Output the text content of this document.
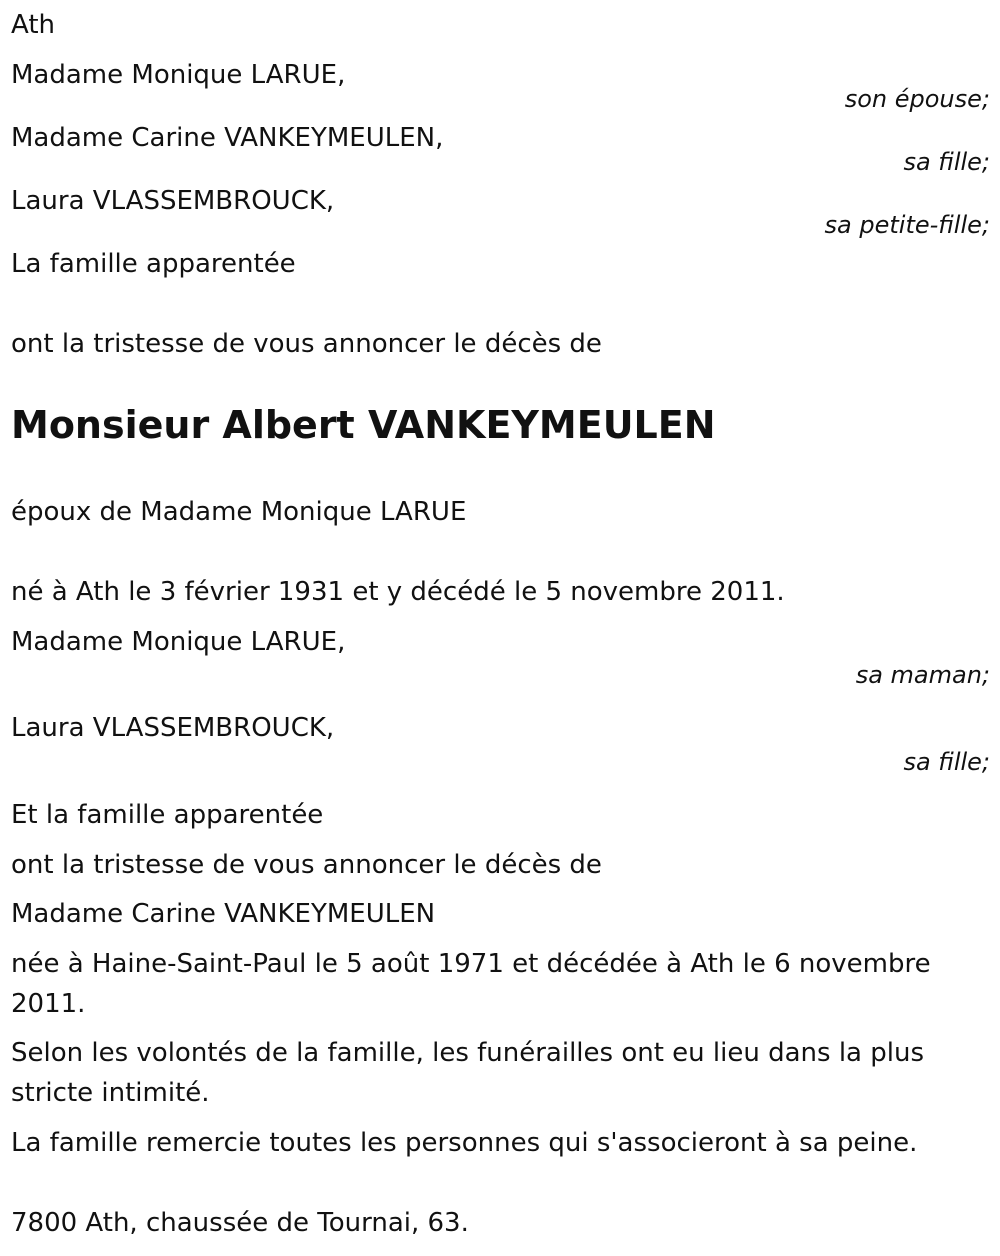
Ath
Madame Monique LARUE,
son épouse;
Madame Carine VANKEYMEULEN,
sa fille;
Laura VLASSEMBROUCK,
sa petite-fille;
La famille apparentée
ont la tristesse de vous annoncer le décès de
Monsieur Albert VANKEYMEULEN
époux de Madame Monique LARUE
né à Ath le 3 février 1931 et y décédé le 5 novembre 2011.
Madame Monique LARUE,
sa maman;
Laura VLASSEMBROUCK,
sa fille;
Et la famille apparentée
ont la tristesse de vous annoncer le décès de
Madame Carine VANKEYMEULEN
née à Haine-Saint-Paul le 5 août 1971 et décédée à Ath le 6 novembre 2011.
Selon les volontés de la famille, les funérailles ont eu lieu dans la plus stricte intimité.
La famille remercie toutes les personnes qui s'associeront à sa peine.
7800 Ath, chaussée de Tournai, 63.
